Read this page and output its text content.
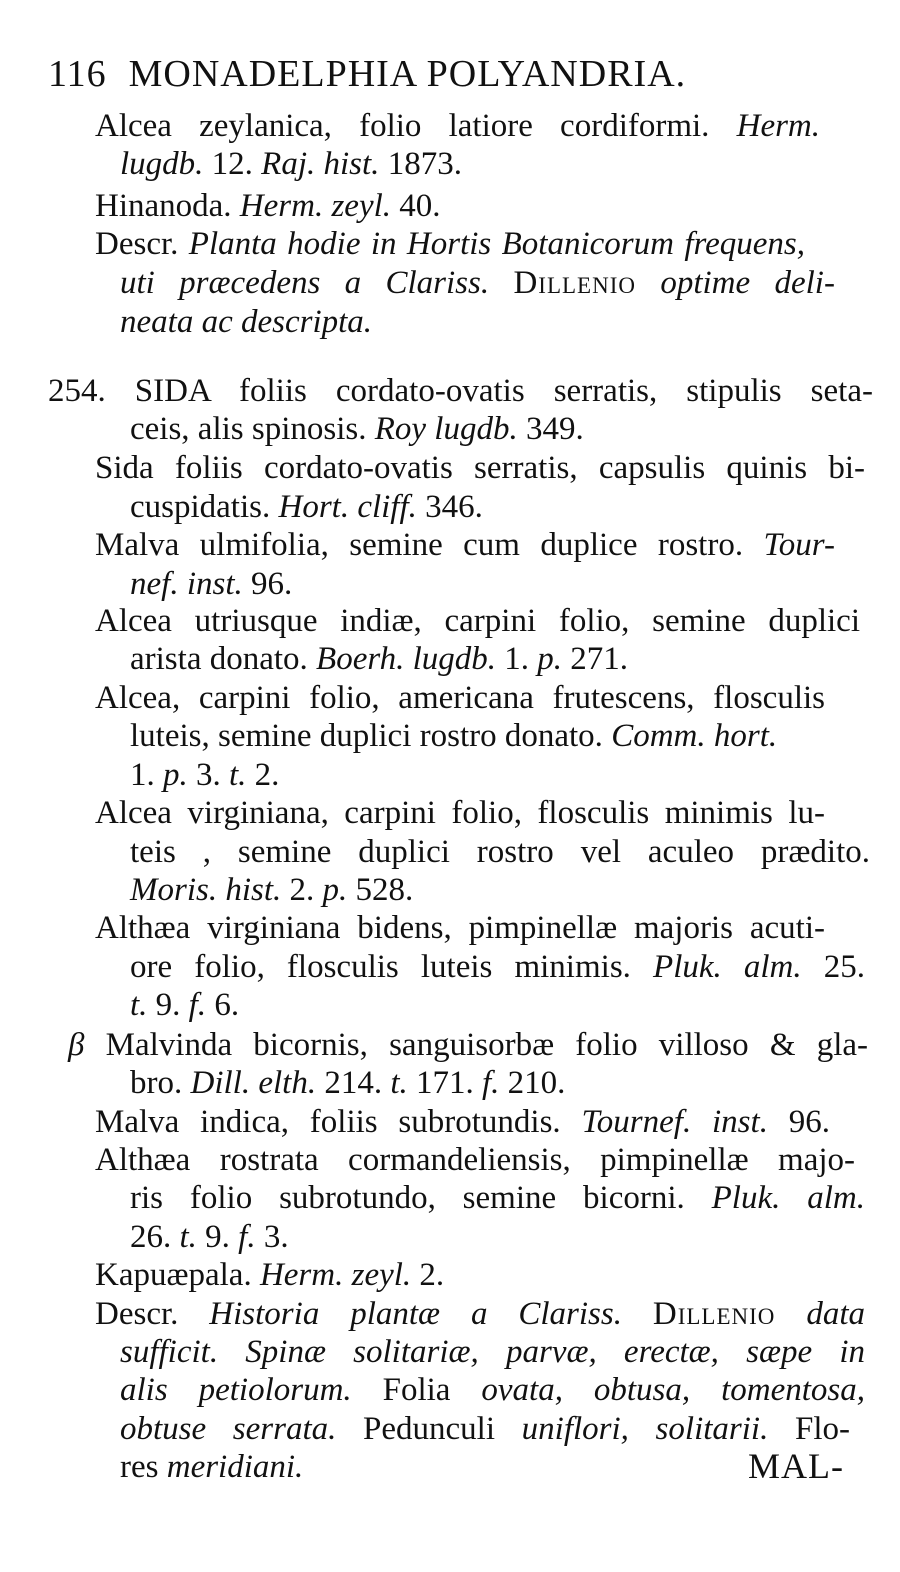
116 MONADELPHIA POLYANDRIA.
Alcea zeylanica, folio latiore cordiformi. Herm.
lugdb. 12. Raj. hist. 1873.
Hinanoda. Herm. zeyl. 40.
Descr. Planta hodie in Hortis Botanicorum frequens,
uti præcedens a Clariss. Dillenio optime deli-
neata ac descripta.
254. SIDA foliis cordato-ovatis serratis, stipulis seta-
ceis, alis spinosis. Roy lugdb. 349.
Sida foliis cordato-ovatis serratis, capsulis quinis bi-
cuspidatis. Hort. cliff. 346.
Malva ulmifolia, semine cum duplice rostro. Tour-
nef. inst. 96.
Alcea utriusque indiæ, carpini folio, semine duplici
arista donato. Boerh. lugdb. 1. p. 271.
Alcea, carpini folio, americana frutescens, flosculis
luteis, semine duplici rostro donato. Comm. hort.
1. p. 3. t. 2.
Alcea virginiana, carpini folio, flosculis minimis lu-
teis , semine duplici rostro vel aculeo prædito.
Moris. hist. 2. p. 528.
Althæa virginiana bidens, pimpinellæ majoris acuti-
ore folio, flosculis luteis minimis. Pluk. alm. 25.
t. 9. f. 6.
β Malvinda bicornis, sanguisorbæ folio villoso & gla-
bro. Dill. elth. 214. t. 171. f. 210.
Malva indica, foliis subrotundis. Tournef. inst. 96.
Althæa rostrata cormandeliensis, pimpinellæ majo-
ris folio subrotundo, semine bicorni. Pluk. alm.
26. t. 9. f. 3.
Kapuæpala. Herm. zeyl. 2.
Descr. Historia plantæ a Clariss. Dillenio data
sufficit. Spinæ solitariæ, parvæ, erectæ, sæpe in
alis petiolorum. Folia ovata, obtusa, tomentosa,
obtuse serrata. Pedunculi uniflori, solitarii. Flo-
res meridiani.	MAL-
